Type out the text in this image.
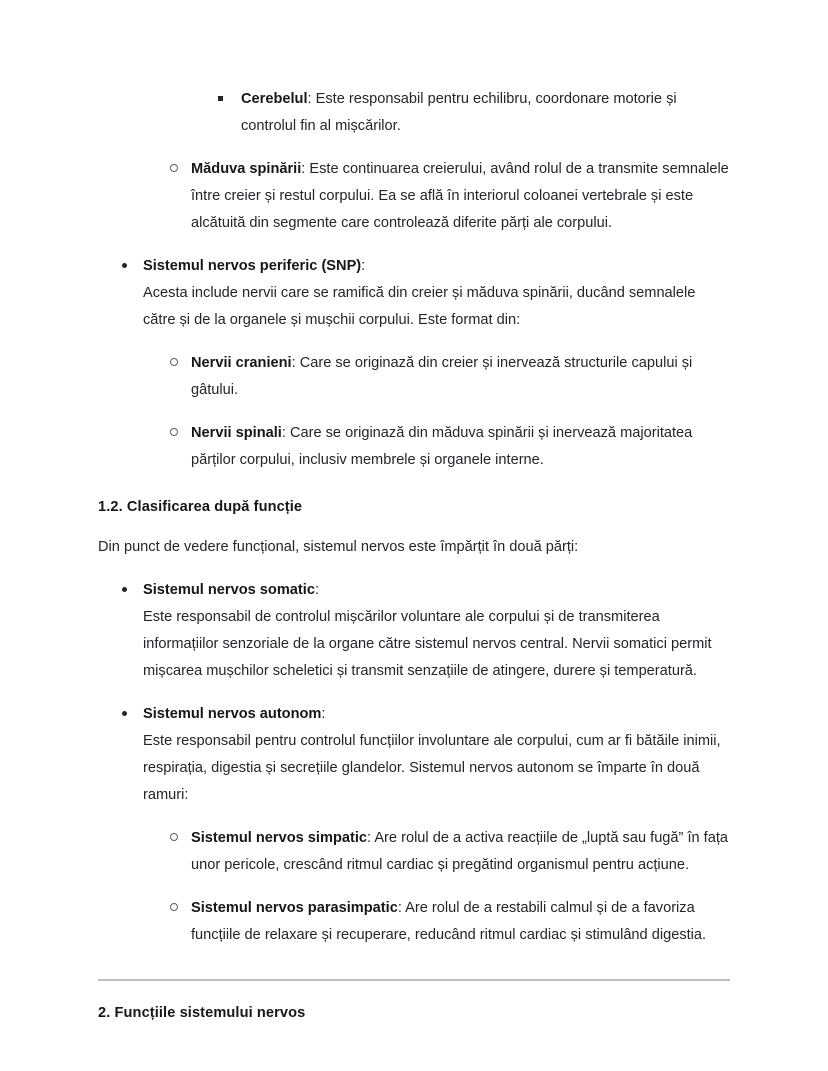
Cerebelul: Este responsabil pentru echilibru, coordonare motorie și controlul fin al mișcărilor.
Măduva spinării: Este continuarea creierului, având rolul de a transmite semnalele între creier și restul corpului. Ea se află în interiorul coloanei vertebrale și este alcătuită din segmente care controlează diferite părți ale corpului.
Sistemul nervos periferic (SNP):
Acesta include nervii care se ramifică din creier și măduva spinării, ducând semnalele către și de la organele și mușchii corpului. Este format din:
Nervii cranieni: Care se originază din creier și inervează structurile capului și gâtului.
Nervii spinali: Care se originază din măduva spinării și inervează majoritatea părților corpului, inclusiv membrele și organele interne.
1.2. Clasificarea după funcție
Din punct de vedere funcțional, sistemul nervos este împărțit în două părți:
Sistemul nervos somatic:
Este responsabil de controlul mișcărilor voluntare ale corpului și de transmiterea informațiilor senzoriale de la organe către sistemul nervos central. Nervii somatici permit mișcarea mușchilor scheletici și transmit senzațiile de atingere, durere și temperatură.
Sistemul nervos autonom:
Este responsabil pentru controlul funcțiilor involuntare ale corpului, cum ar fi bătăile inimii, respirația, digestia și secrețiile glandelor. Sistemul nervos autonom se împarte în două ramuri:
Sistemul nervos simpatic: Are rolul de a activa reacțiile de „luptă sau fugă” în fața unor pericole, crescând ritmul cardiac și pregătind organismul pentru acțiune.
Sistemul nervos parasimpatic: Are rolul de a restabili calmul și de a favoriza funcțiile de relaxare și recuperare, reducând ritmul cardiac și stimulând digestia.
2. Funcțiile sistemului nervos
